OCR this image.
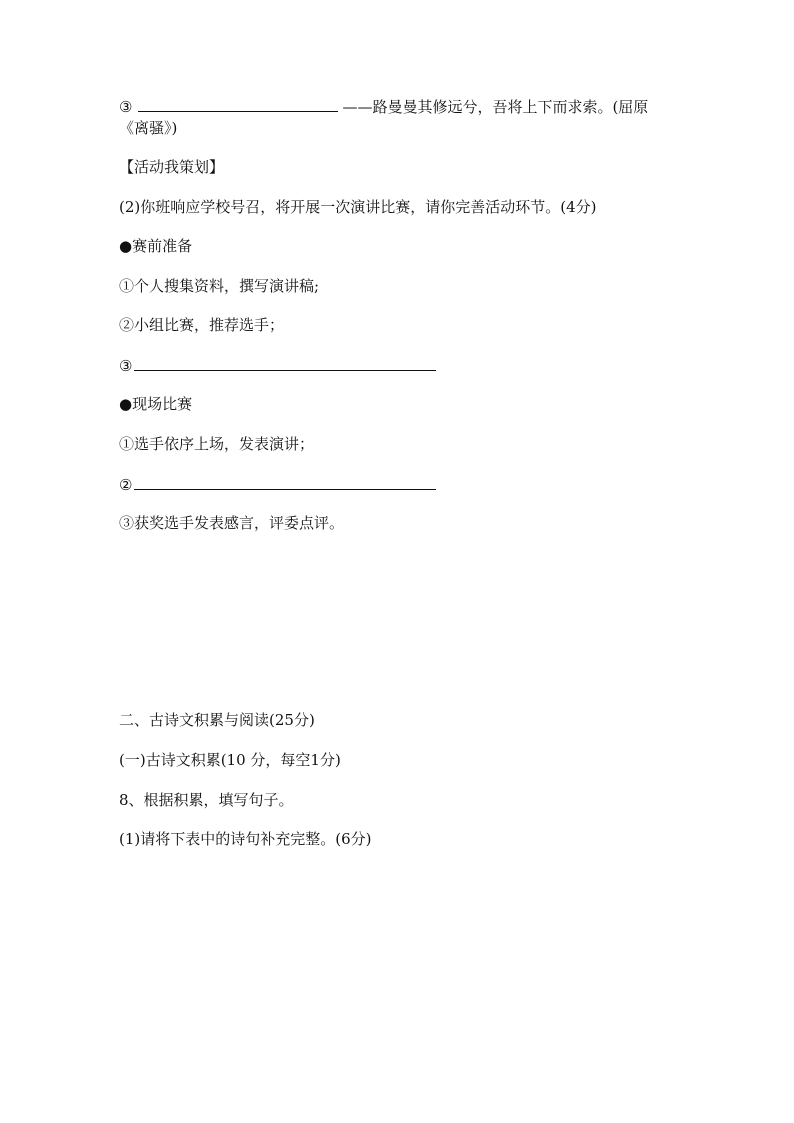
③	——路曼曼其修远兮，吾将上下而求索。(屈原
《离骚》)
【活动我策划】
(2)你班响应学校号召，将开展一次演讲比赛，请你完善活动环节。(4分)
●赛前准备
①个人搜集资料，撰写演讲稿;
②小组比赛，推荐选手；
③
●现场比赛
①选手依序上场，发表演讲；
②
③获奖选手发表感言，评委点评。
二、古诗文积累与阅读(25分)
(一)古诗文积累(10 分，每空1分)
8、根据积累，填写句子。
(1)请将下表中的诗句补充完整。(6分)
